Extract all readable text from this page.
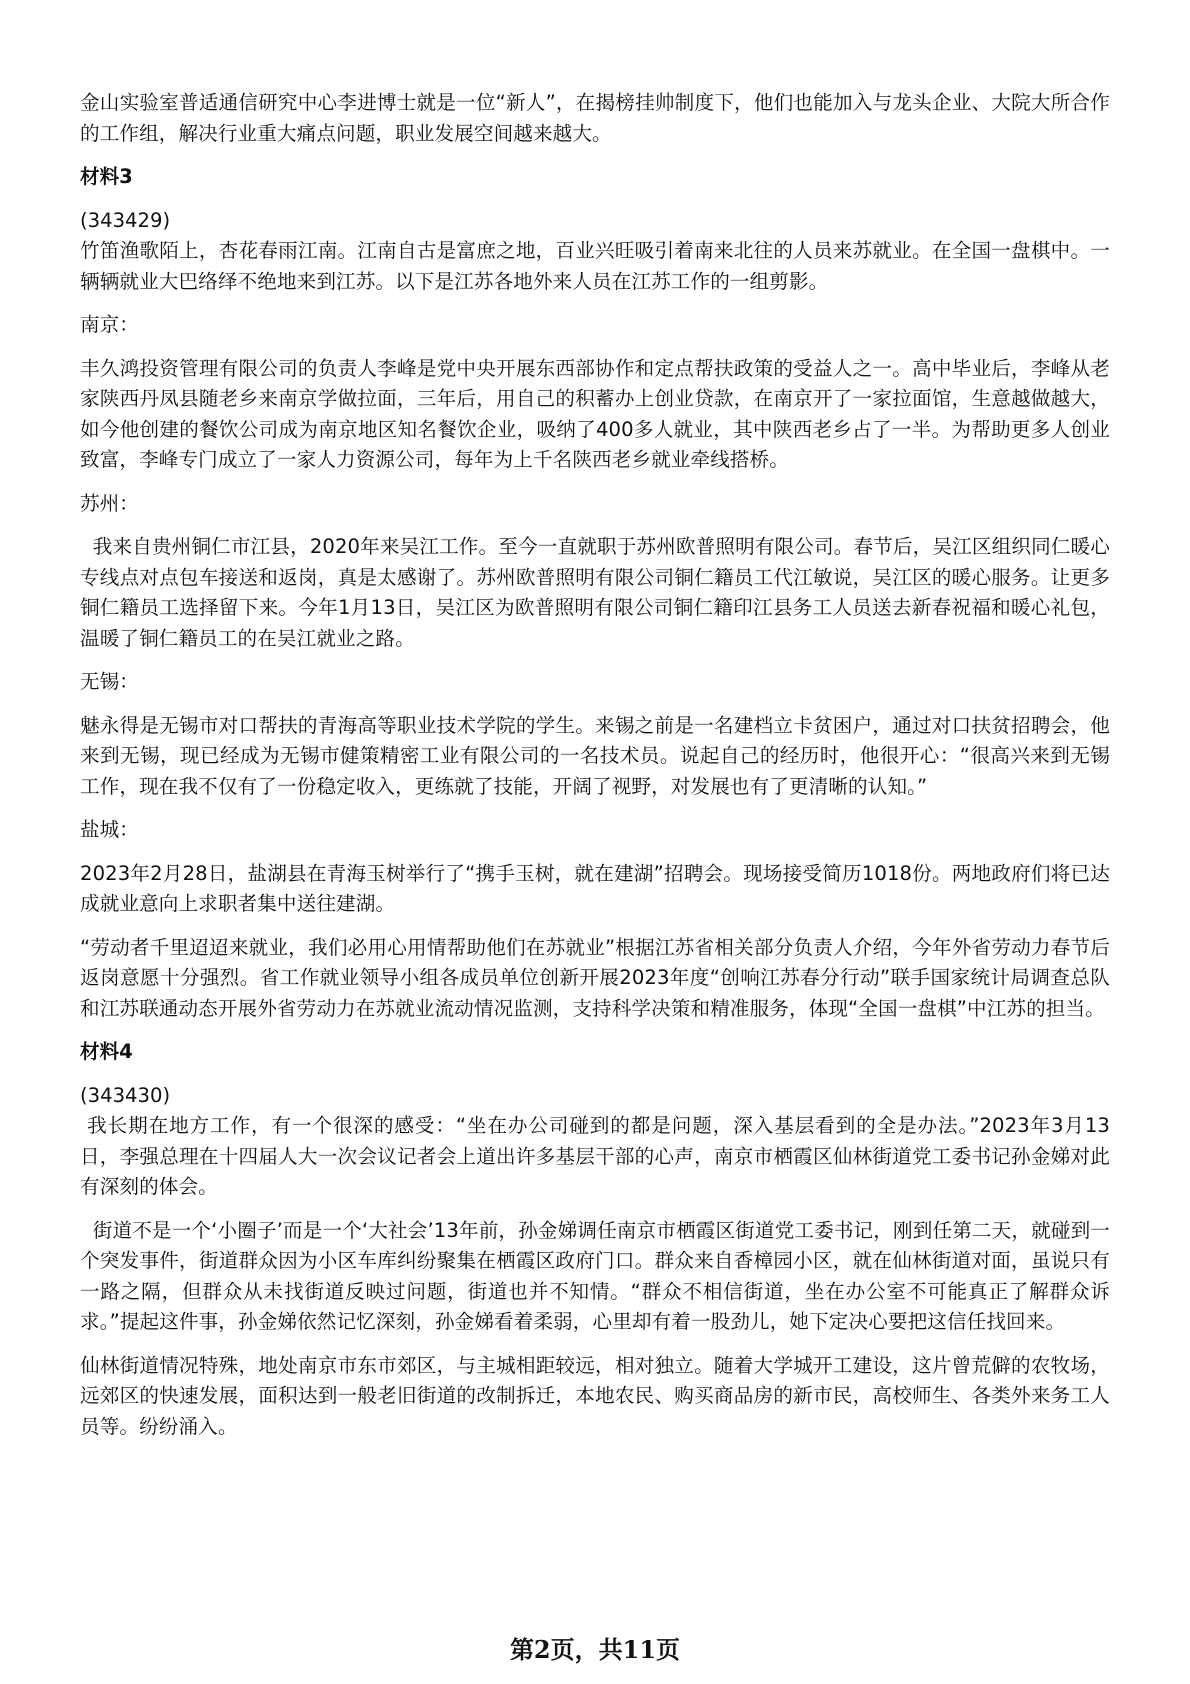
金山实验室普适通信研究中心李进博士就是一位“新人”，在揭榜挂帅制度下，他们也能加入与龙头企业、大院大所合作的工作组，解决行业重大痛点问题，职业发展空间越来越大。

材料3
(343429)

竹笛渔歌陌上，杏花春雨江南。江南自古是富庶之地，百业兴旺吸引着南来北往的人员来苏就业。在全国一盘棋中。一辆辆就业大巴络绎不绝地来到江苏。以下是江苏各地外来人员在江苏工作的一组剪影。

南京：

丰久鸿投资管理有限公司的负责人李峰是党中央开展东西部协作和定点帮扶政策的受益人之一。高中毕业后，李峰从老家陕西丹凤县随老乡来南京学做拉面，三年后，用自己的积蓄办上创业贷款，在南京开了一家拉面馆，生意越做越大，如今他创建的餐饮公司成为南京地区知名餐饮企业，吸纳了400多人就业，其中陕西老乡占了一半。为帮助更多人创业致富，李峰专门成立了一家人力资源公司，每年为上千名陕西老乡就业牵线搭桥。

苏州：

我来自贵州铜仁市江县，2020年来吴江工作。至今一直就职于苏州欧普照明有限公司。春节后，吴江区组织同仁暖心专线点对点包车接送和返岗，真是太感谢了。苏州欧普照明有限公司铜仁籍员工代江敏说，吴江区的暖心服务。让更多铜仁籍员工选择留下来。今年1月13日，吴江区为欧普照明有限公司铜仁籍印江县务工人员送去新春祝福和暖心礼包，温暖了铜仁籍员工的在吴江就业之路。

无锡：

魅永得是无锡市对口帮扶的青海高等职业技术学院的学生。来锡之前是一名建档立卡贫困户，通过对口扶贫招聘会，他来到无锡，现已经成为无锡市健策精密工业有限公司的一名技术员。说起自己的经历时，他很开心：“很高兴来到无锡工作，现在我不仅有了一份稳定收入，更练就了技能，开阔了视野，对发展也有了更清晰的认知。”

盐城：

2023年2月28日，盐湖县在青海玉树举行了“携手玉树，就在建湖”招聘会。现场接受简历1018份。两地政府们将已达成就业意向上求职者集中送往建湖。

“劳动者千里迢迢来就业，我们必用心用情帮助他们在苏就业”根据江苏省相关部分负责人介绍，今年外省劳动力春节后返岗意愿十分强烈。省工作就业领导小组各成员单位创新开展2023年度“创响江苏春分行动”联手国家统计局调查总队和江苏联通动态开展外省劳动力在苏就业流动情况监测，支持科学决策和精准服务，体现“全国一盘棋”中江苏的担当。

材料4
(343430)

我长期在地方工作，有一个很深的感受：“坐在办公司碰到的都是问题，深入基层看到的全是办法。”2023年3月13日，李强总理在十四届人大一次会议记者会上道出许多基层干部的心声，南京市栖霞区仙林街道党工委书记孙金娣对此有深刻的体会。

街道不是一个‘小圈子’而是一个‘大社会’13年前，孙金娣调任南京市栖霞区街道党工委书记，刚到任第二天，就碰到一个突发事件，街道群众因为小区车库纠纷聚集在栖霞区政府门口。群众来自香樟园小区，就在仙林街道对面，虽说只有一路之隔，但群众从未找街道反映过问题，街道也并不知情。“群众不相信街道，坐在办公室不可能真正了解群众诉求。”提起这件事，孙金娣依然记忆深刻，孙金娣看着柔弱，心里却有着一股劲儿，她下定决心要把这信任找回来。

仙林街道情况特殊，地处南京市东市郊区，与主城相距较远，相对独立。随着大学城开工建设，这片曾荒僻的农牧场，远郊区的快速发展，面积达到一般老旧街道的改制拆迁，本地农民、购买商品房的新市民，高校师生、各类外来务工人员等。纷纷涌入。

第2页，共11页
